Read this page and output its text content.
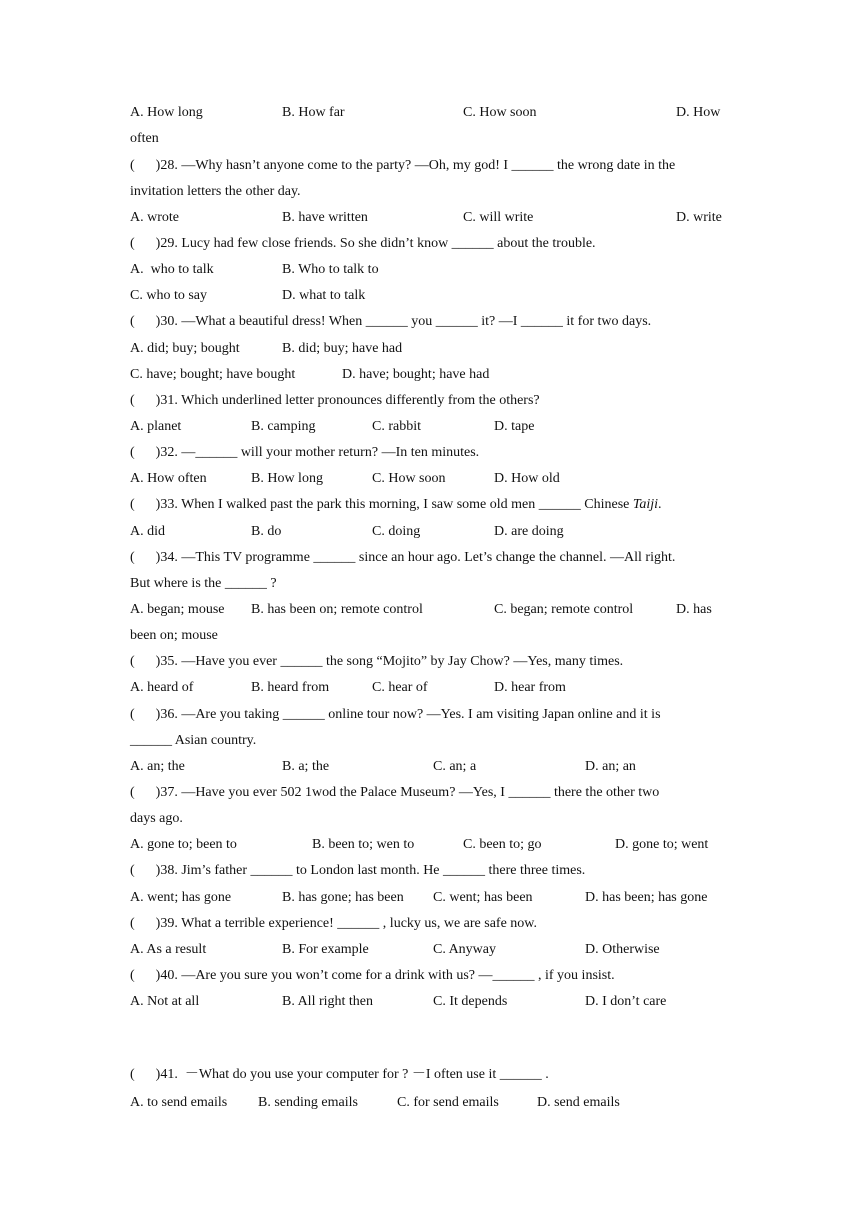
A. How long	B. How far	C. How soon	D. How
often
(      )28. —Why hasn’t anyone come to the party? —Oh, my god! I ______ the wrong date in the
invitation letters the other day.
A. wrote	B. have written	C. will write	D. write
(      )29. Lucy had few close friends. So she didn’t know ______ about the trouble.
A.  who to talk	B. Who to talk to
C. who to say	D. what to talk
(      )30. —What a beautiful dress! When ______ you ______ it? —I ______ it for two days.
A. did; buy; bought	B. did; buy; have had
C. have; bought; have bought	D. have; bought; have had
(      )31. Which underlined letter pronounces differently from the others?
A. planet	B. camping	C. rabbit	D. tape
(      )32. —______ will your mother return? —In ten minutes.
A. How often	B. How long	C. How soon	D. How old
(      )33. When I walked past the park this morning, I saw some old men ______ Chinese Taiji.
A. did	B. do	C. doing	D. are doing
(      )34. —This TV programme ______ since an hour ago. Let’s change the channel. —All right.
But where is the ______ ?
A. began; mouse B. has been on; remote control	C. began; remote control	D. has
been on; mouse
(      )35. —Have you ever ______ the song “Mojito” by Jay Chow? —Yes, many times.
A. heard of	B. heard from	C. hear of	D. hear from
(      )36. —Are you taking ______ online tour now? —Yes. I am visiting Japan online and it is
______ Asian country.
A. an; the	B. a; the	C. an; a	D. an; an
(      )37. —Have you ever 502 1wod the Palace Museum? —Yes, I ______ there the other two
days ago.
A. gone to; been to	B. been to; wen to	C. been to; go	D. gone to; went
(      )38. Jim’s father ______ to London last month. He ______ there three times.
A. went; has gone	B. has gone; has been C. went; has been	D. has been; has gone
(      )39. What a terrible experience! ______ , lucky us, we are safe now.
A. As a result	B. For example	C. Anyway	D. Otherwise
(      )40. —Are you sure you won’t come for a drink with us? —______ , if you insist.
A. Not at all	B. All right then	C. It depends	D. I don’t care
(      )41.  －What do you use your computer for ? －I often use it ______ .
A. to send emails B. sending emails	C. for send emails	D. send emails
